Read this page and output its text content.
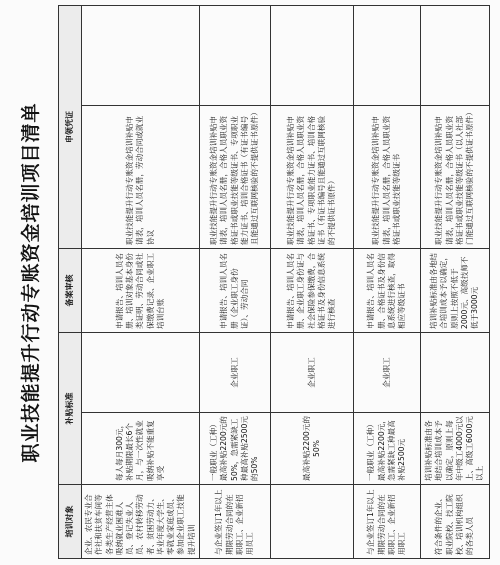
职业技能提升行动专账资金培训项目清单
培训对象	补贴标准		备案审核	申领凭证	
企业、农民专业合作社和扶贫车间等各类生产经营主体吸纳就业困难人员、登记失业人员、农村转移劳动者、贫困劳动力、毕业年度大学生、零就业家庭成员、参加企业职工技能提升培训	每人每月300元，补贴期限最长6个月，与一次性就业吸纳补贴不能重复享受		申请报告、培训人员名册、培训对象基本身份类证明、劳动合同或社保缴费记录、企业职工培训台账	职业技能提升行动专账资金培训补贴申请表，培训人员名册，劳动合同或就业协议	
与企业签订1年以上期限劳动合同的在职职工、企业新招用员工	一般职业（工种）最高补贴2200元的50%，急需紧缺工种最高补贴2500元的50%	企业职工	申请报告、培训人员名册（企业职工身份证）、劳动合同	职业技能提升行动专账资金培训补贴申请表，培训人员名册，合格人员职业资格证书或职业技能等级证书、专项职业能力证书、培训合格证书（有证书编号且能通过互联网核验的不提供证书原件）	
	最高补贴2200元的50%	企业职工	申请报告、培训人员名册、企业职工身份证与社会保险参保缴费，合格证书及身份信息系统进行核查	职业技能提升行动专账资金培训补贴申请表，培训人员名册，合格人员职业资格证书、专项职业能力证书、培训合格证书（有证书编号且能通过互联网核验的不提供证书原件）	
与企业签订1年以上期限劳动合同的在职职工、企业新招用职工	一般职业（工种）最高补贴2200元，急需紧缺工种最高补贴2500元	企业职工	申请报告、培训人员名册、合格证书及身份信息系统进行核查，取得相应等级证书	职业技能提升行动专账资金培训补贴申请表，培训人员名册，合格人员职业资格证书或职业技能等级证书	
符合条件的企业、职业院校、技工院校、培训机构组织的各类人员	培训补贴标准由各地结合培训成本予以确定，原则上每年中级工4000元以上、高级工6000元以上		培训补贴标准由各地结合培训成本予以确定，原则上按照不低于2000元、高级技师不低于3000元	职业技能提升行动专账资金培训补贴申请表，培训人员名册，合格人员职业资格证书或职业技能等级证书（以人社部门能通过互联网核验的不提供证书原件）	
